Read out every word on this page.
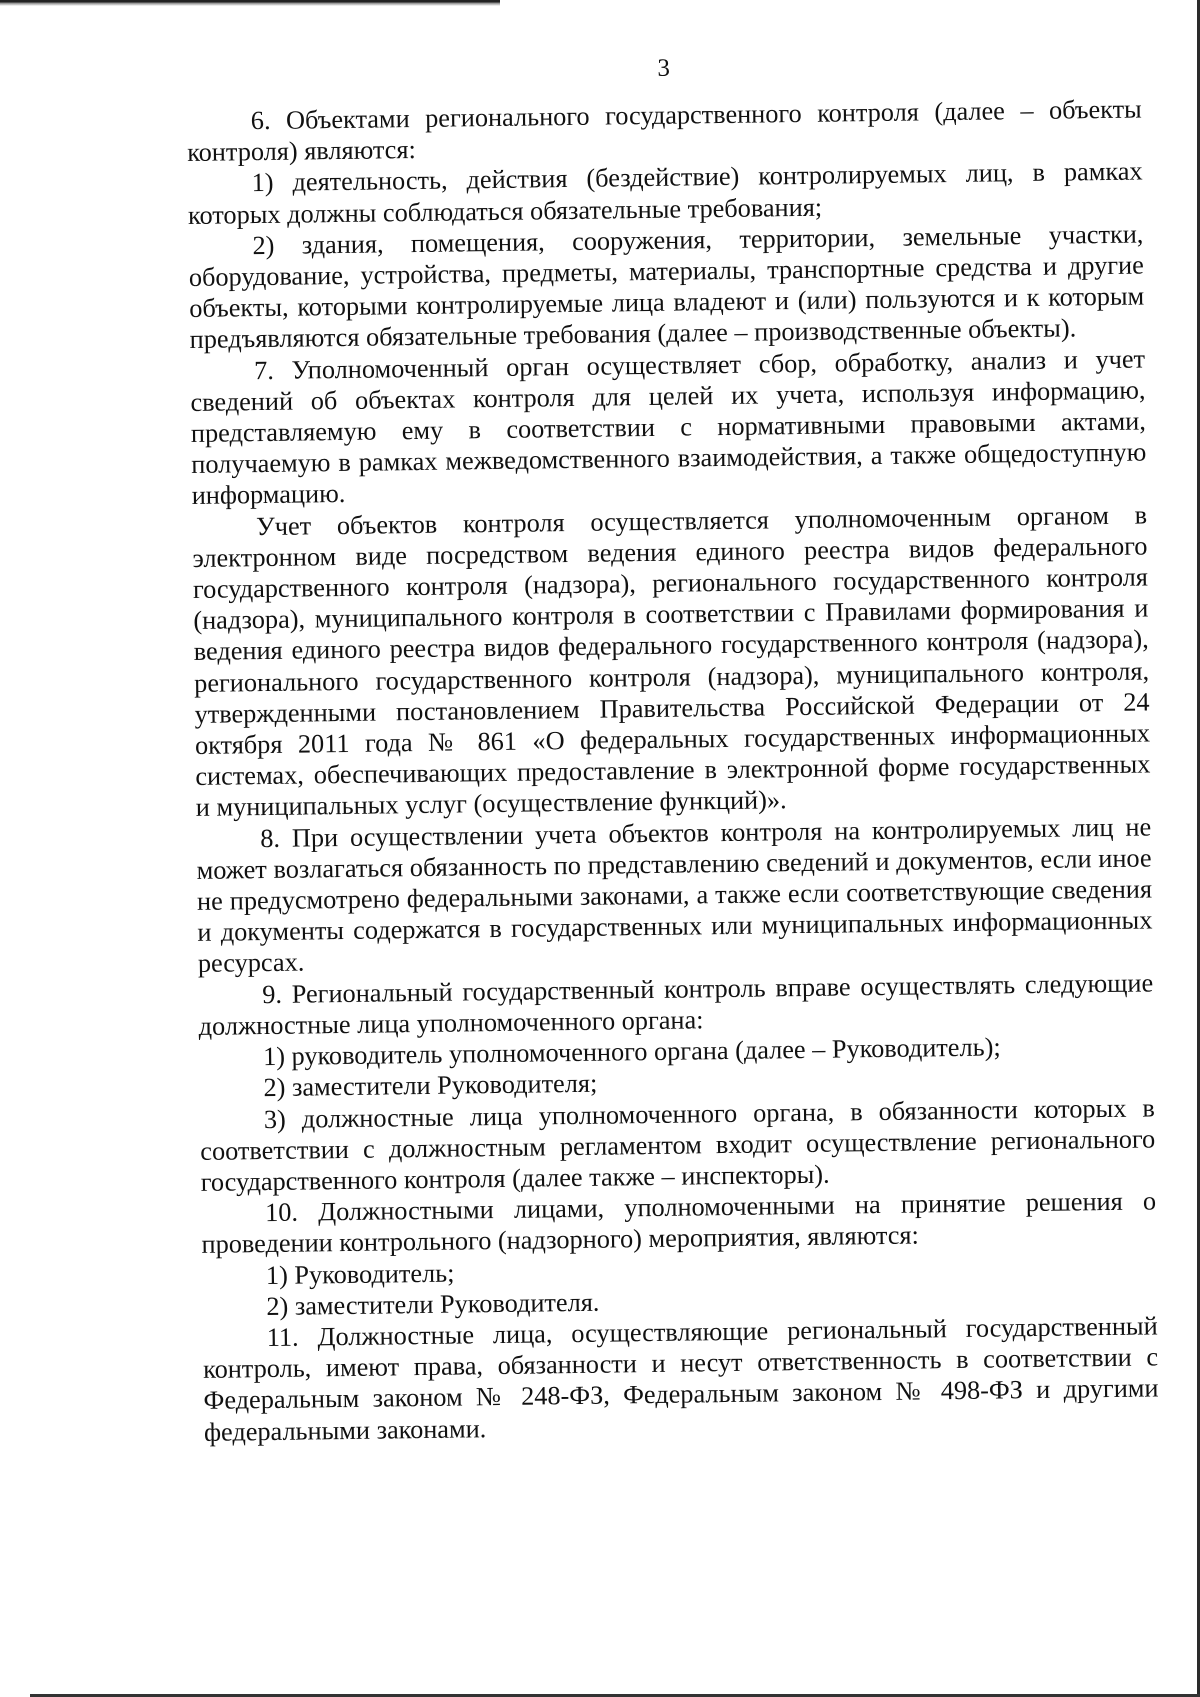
3

6. Объектами регионального государственного контроля (далее – объекты контроля) являются:

1) деятельность, действия (бездействие) контролируемых лиц, в рамках которых должны соблюдаться обязательные требования;

2) здания, помещения, сооружения, территории, земельные участки, оборудование, устройства, предметы, материалы, транспортные средства и другие объекты, которыми контролируемые лица владеют и (или) пользуются и к которым предъявляются обязательные требования (далее – производственные объекты).

7. Уполномоченный орган осуществляет сбор, обработку, анализ и учет сведений об объектах контроля для целей их учета, используя информацию, представляемую ему в соответствии с нормативными правовыми актами, получаемую в рамках межведомственного взаимодействия, а также общедоступную информацию.

Учет объектов контроля осуществляется уполномоченным органом в электронном виде посредством ведения единого реестра видов федерального государственного контроля (надзора), регионального государственного контроля (надзора), муниципального контроля в соответствии с Правилами формирования и ведения единого реестра видов федерального государственного контроля (надзора), регионального государственного контроля (надзора), муниципального контроля, утвержденными постановлением Правительства Российской Федерации от 24 октября 2011 года № 861 «О федеральных государственных информационных системах, обеспечивающих предоставление в электронной форме государственных и муниципальных услуг (осуществление функций)».

8. При осуществлении учета объектов контроля на контролируемых лиц не может возлагаться обязанность по представлению сведений и документов, если иное не предусмотрено федеральными законами, а также если соответствующие сведения и документы содержатся в государственных или муниципальных информационных ресурсах.

9. Региональный государственный контроль вправе осуществлять следующие должностные лица уполномоченного органа:

1) руководитель уполномоченного органа (далее – Руководитель);

2) заместители Руководителя;

3) должностные лица уполномоченного органа, в обязанности которых в соответствии с должностным регламентом входит осуществление регионального государственного контроля (далее также – инспекторы).

10. Должностными лицами, уполномоченными на принятие решения о проведении контрольного (надзорного) мероприятия, являются:

1) Руководитель;

2) заместители Руководителя.

11. Должностные лица, осуществляющие региональный государственный контроль, имеют права, обязанности и несут ответственность в соответствии с Федеральным законом № 248-ФЗ, Федеральным законом № 498-ФЗ и другими федеральными законами.
